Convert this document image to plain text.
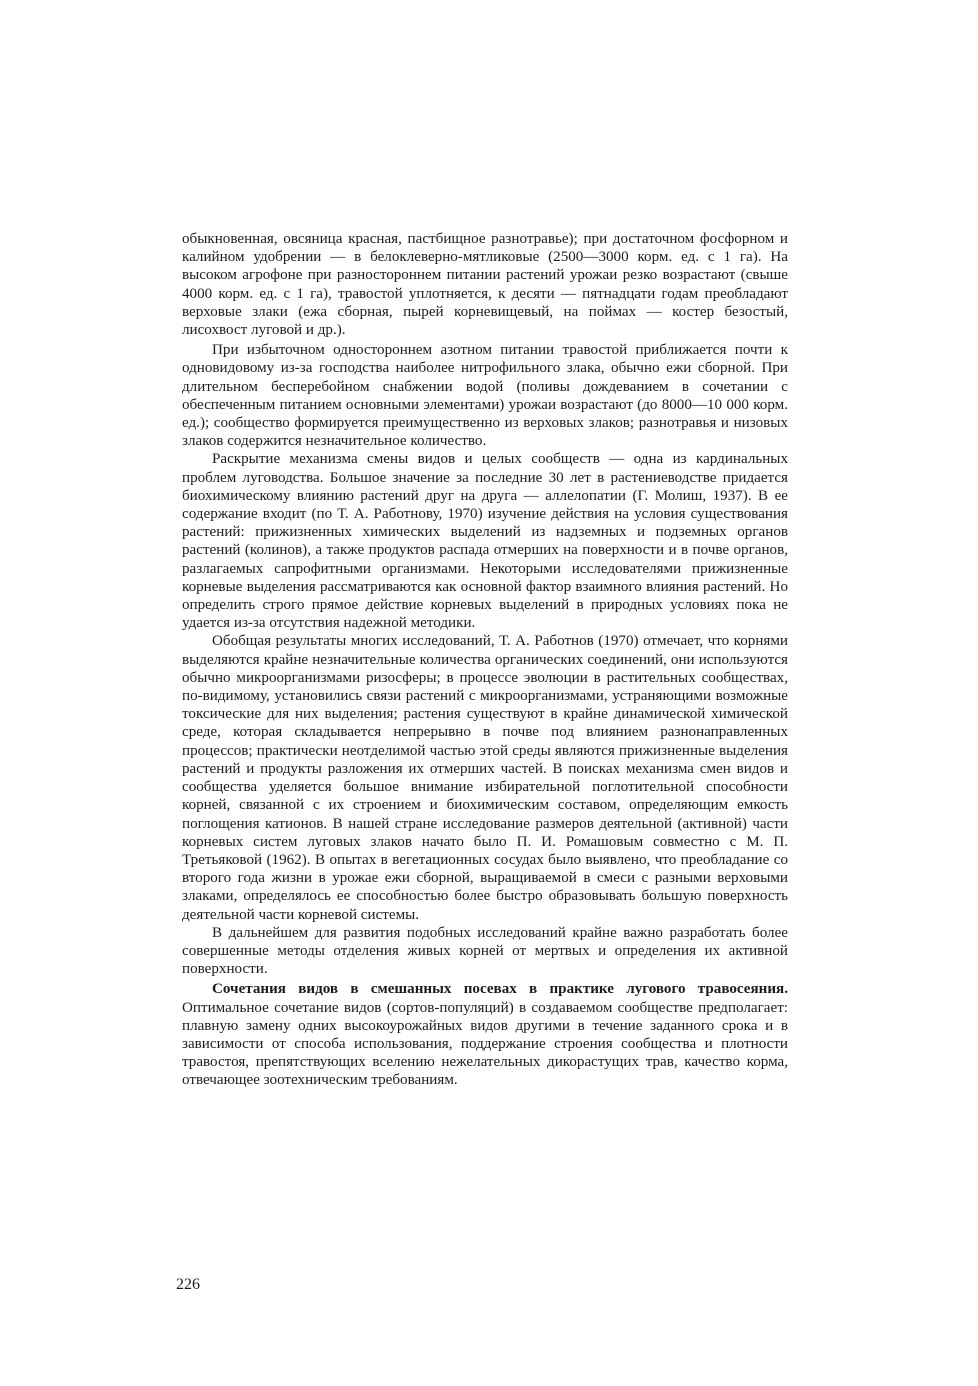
обыкновенная, овсяница красная, пастбищное разнотравье); при достаточном фосфорном и калийном удобрении — в белоклеверно-мятликовые (2500—3000 корм. ед. с 1 га). На высоком агрофоне при разностороннем питании растений урожаи резко возрастают (свыше 4000 корм. ед. с 1 га), травостой уплотняется, к десяти — пятнадцати годам преобладают верховые злаки (ежа сборная, пырей корневищевый, на поймах — костер безостый, лисохвост луговой и др.).

При избыточном одностороннем азотном питании травостой приближается почти к одновидовому из-за господства наиболее нитрофильного злака, обычно ежи сборной. При длительном бесперебойном снабжении водой (поливы дождеванием в сочетании с обеспеченным питанием основными элементами) урожаи возрастают (до 8000—10 000 корм. ед.); сообщество формируется преимущественно из верховых злаков; разнотравья и низовых злаков содержится незначительное количество.

Раскрытие механизма смены видов и целых сообществ — одна из кардинальных проблем луговодства. Большое значение за последние 30 лет в растениеводстве придается биохимическому влиянию растений друг на друга — аллелопатии (Г. Молиш, 1937). В ее содержание входит (по Т. А. Работнову, 1970) изучение действия на условия существования растений: прижизненных химических выделений из надземных и подземных органов растений (колинов), а также продуктов распада отмерших на поверхности и в почве органов, разлагаемых сапрофитными организмами. Некоторыми исследователями прижизненные корневые выделения рассматриваются как основной фактор взаимного влияния растений. Но определить строго прямое действие корневых выделений в природных условиях пока не удается из-за отсутствия надежной методики.

Обобщая результаты многих исследований, Т. А. Работнов (1970) отмечает, что корнями выделяются крайне незначительные количества органических соединений, они используются обычно микроорганизмами ризосферы; в процессе эволюции в растительных сообществах, по-видимому, установились связи растений с микроорганизмами, устраняющими возможные токсические для них выделения; растения существуют в крайне динамической химической среде, которая складывается непрерывно в почве под влиянием разнонаправленных процессов; практически неотделимой частью этой среды являются прижизненные выделения растений и продукты разложения их отмерших частей. В поисках механизма смен видов и сообщества уделяется большое внимание избирательной поглотительной способности корней, связанной с их строением и биохимическим составом, определяющим емкость поглощения катионов. В нашей стране исследование размеров деятельной (активной) части корневых систем луговых злаков начато было П. И. Ромашовым совместно с М. П. Третьяковой (1962). В опытах в вегетационных сосудах было выявлено, что преобладание со второго года жизни в урожае ежи сборной, выращиваемой в смеси с разными верховыми злаками, определялось ее способностью более быстро образовывать большую поверхность деятельной части корневой системы.

В дальнейшем для развития подобных исследований крайне важно разработать более совершенные методы отделения живых корней от мертвых и определения их активной поверхности.

Сочетания видов в смешанных посевах в практике лугового травосеяния. Оптимальное сочетание видов (сортов-популяций) в создаваемом сообществе предполагает: плавную замену одних высокоурожайных видов другими в течение заданного срока и в зависимости от способа использования, поддержание строения сообщества и плотности травостоя, препятствующих вселению нежелательных дикорастущих трав, качество корма, отвечающее зоотехническим требованиям.

226
